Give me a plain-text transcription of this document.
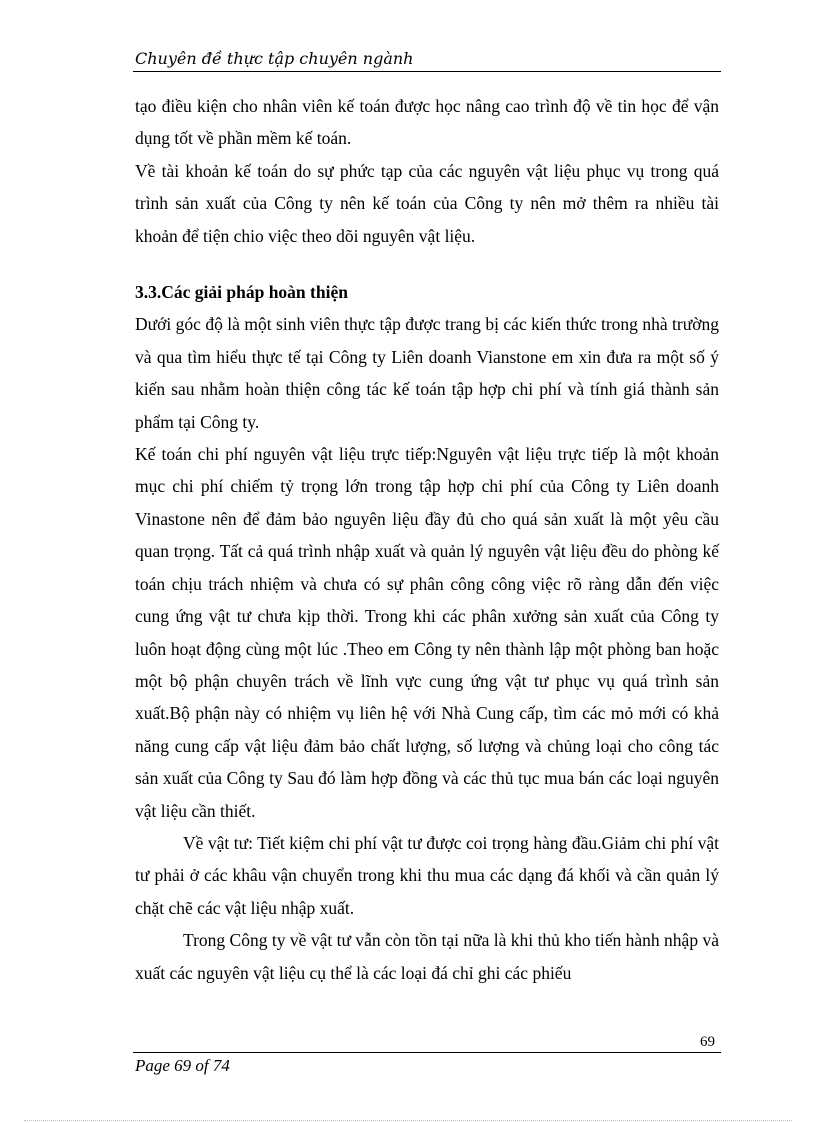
Chuyên đề thực tập chuyên ngành

tạo điều kiện cho nhân viên kế toán được học nâng cao trình độ về tin học để vận dụng tốt về phần mềm kế toán.

Về tài khoản kế toán do sự phức tạp của các nguyên vật liệu phục vụ trong quá trình sản xuất của Công ty nên kế toán của Công ty nên mở thêm ra nhiều tài khoản để tiện chio việc theo dõi nguyên vật liệu.

3.3.Các giải pháp hoàn thiện

Dưới góc độ là một sinh viên thực tập được trang bị các kiến thức trong nhà trường và qua tìm hiểu thực tế tại Công ty Liên doanh Vianstone em xin đưa ra một số ý kiến sau nhằm hoàn thiện công tác kế toán tập hợp chi phí và tính giá thành sản phẩm tại Công ty.

Kế toán chi phí nguyên vật liệu trực tiếp:Nguyên vật liệu trực tiếp là một khoản mục chi phí chiếm tỷ trọng lớn trong tập hợp chi phí của Công ty Liên doanh Vinastone nên để đảm bảo nguyên liệu đầy đủ cho quá sản xuất là một yêu cầu quan trọng. Tất cả quá trình nhập xuất và quản lý nguyên vật liệu đều do phòng kế toán chịu trách nhiệm và chưa có sự phân công công việc rõ ràng dẫn đến việc cung ứng vật tư chưa kịp thời. Trong khi các phân xưởng sản xuất của Công ty luôn hoạt động cùng một lúc .Theo em Công ty nên thành lập một phòng ban hoặc một bộ phận chuyên trách về lĩnh vực cung ứng vật tư phục vụ quá trình sản xuất.Bộ phận này có nhiệm vụ liên hệ với Nhà Cung cấp, tìm các mỏ mới có khả năng cung cấp vật liệu đảm bảo chất lượng, số lượng và chủng loại cho công tác sản xuất của Công ty Sau đó làm hợp đồng và các thủ tục mua bán các loại nguyên vật liệu cần thiết.

Về vật tư: Tiết kiệm chi phí vật tư được coi trọng hàng đầu.Giảm chi phí vật tư phải ở các khâu vận chuyển trong khi thu mua các dạng đá khối và cần quản lý chặt chẽ các vật liệu nhập xuất.

Trong Công ty về vật tư vẫn còn tồn tại nữa là khi thủ kho tiến hành nhập và xuất các nguyên vật liệu cụ thể là các loại đá chỉ ghi các phiếu

69
Page 69 of 74
